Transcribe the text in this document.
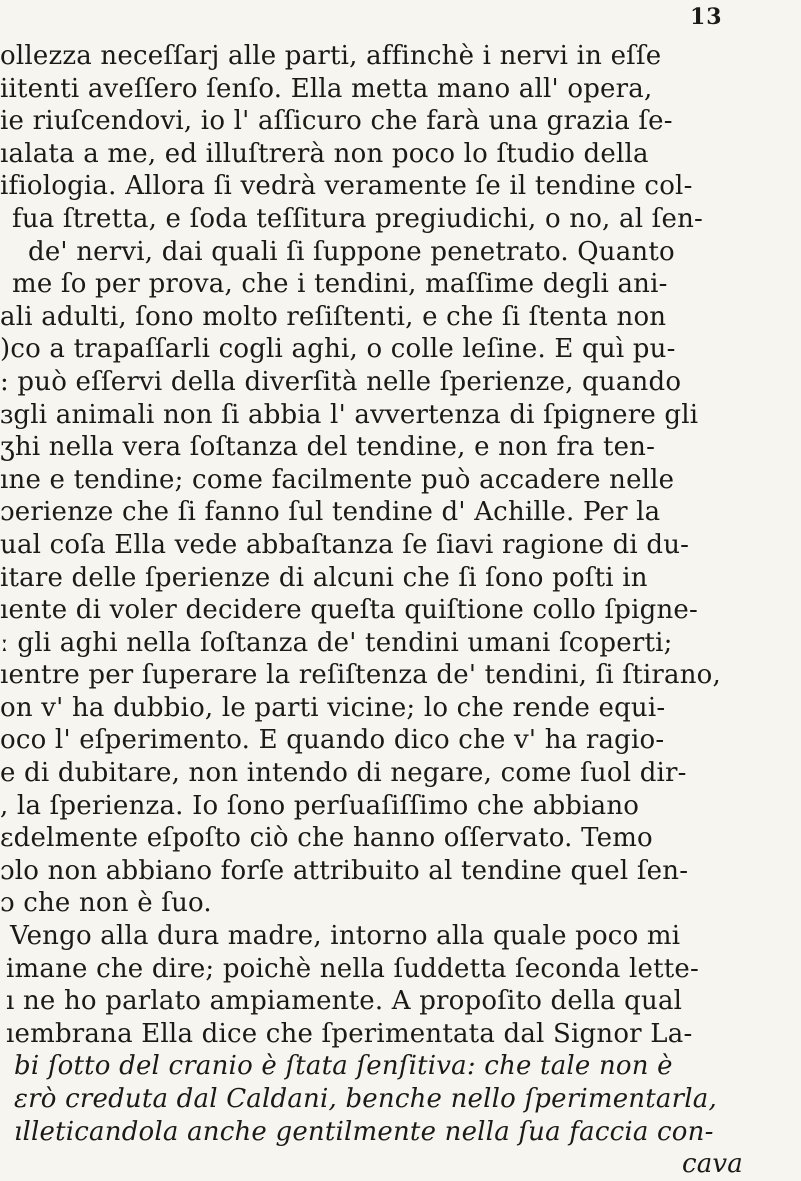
13
ollezza neceſſarj alle parti, affinchè i nervi in eſſe
iitenti aveſſero ſenſo. Ella metta mano all' opera,
ie riuſcendovi, io l' aſſicuro che farà una grazia ſe-
ıalata a me, ed illuſtrerà non poco lo ſtudio della
ifiologia. Allora ſi vedrà veramente ſe il tendine col-
fua ſtretta, e ſoda teſſitura pregiudichi, o no, al ſen-
de' nervi, dai quali ſi ſuppone penetrato. Quanto
me ſo per prova, che i tendini, maſſime degli ani-
ali adulti, ſono molto reſiſtenti, e che ſi ſtenta non
)co a trapaſſarli cogli aghi, o colle leſine. E quì pu-
: può eſſervi della diverſità nelle ſperienze, quando
ɜgli animali non ſi abbia l' avvertenza di ſpignere gli
ʒhi nella vera ſoſtanza del tendine, e non fra ten-
ıne e tendine; come facilmente può accadere nelle
ɔerienze che ſi fanno ſul tendine d' Achille. Per la
ual coſa Ella vede abbaſtanza ſe ſiavi ragione di du-
itare delle ſperienze di alcuni che ſi ſono poſti in
ıente di voler decidere queſta quiſtione collo ſpigne-
ː gli aghi nella ſoſtanza de' tendini umani ſcoperti;
ıentre per ſuperare la reſiſtenza de' tendini, ſi ſtirano,
on v' ha dubbio, le parti vicine; lo che rende equi-
oco l' eſperimento. E quando dico che v' ha ragio-
e di dubitare, non intendo di negare, come ſuol dir-
, la ſperienza. Io ſono perſuaſiſſimo che abbiano
ɛdelmente eſpoſto ciò che hanno oſſervato. Temo
ɔlo non abbiano forſe attribuito al tendine quel ſen-
ɔ che non è ſuo.
Vengo alla dura madre, intorno alla quale poco mi
imane che dire; poichè nella ſuddetta ſeconda lette-
ı ne ho parlato ampiamente. A propoſito della qual
ıembrana Ella dice che ſperimentata dal Signor La-
bi ſotto del cranio è ſtata ſenſitiva: che tale non è
ɛrò creduta dal Caldani, benche nello ſperimentarla,
ılleticandola anche gentilmente nella ſua faccia con-
cava
